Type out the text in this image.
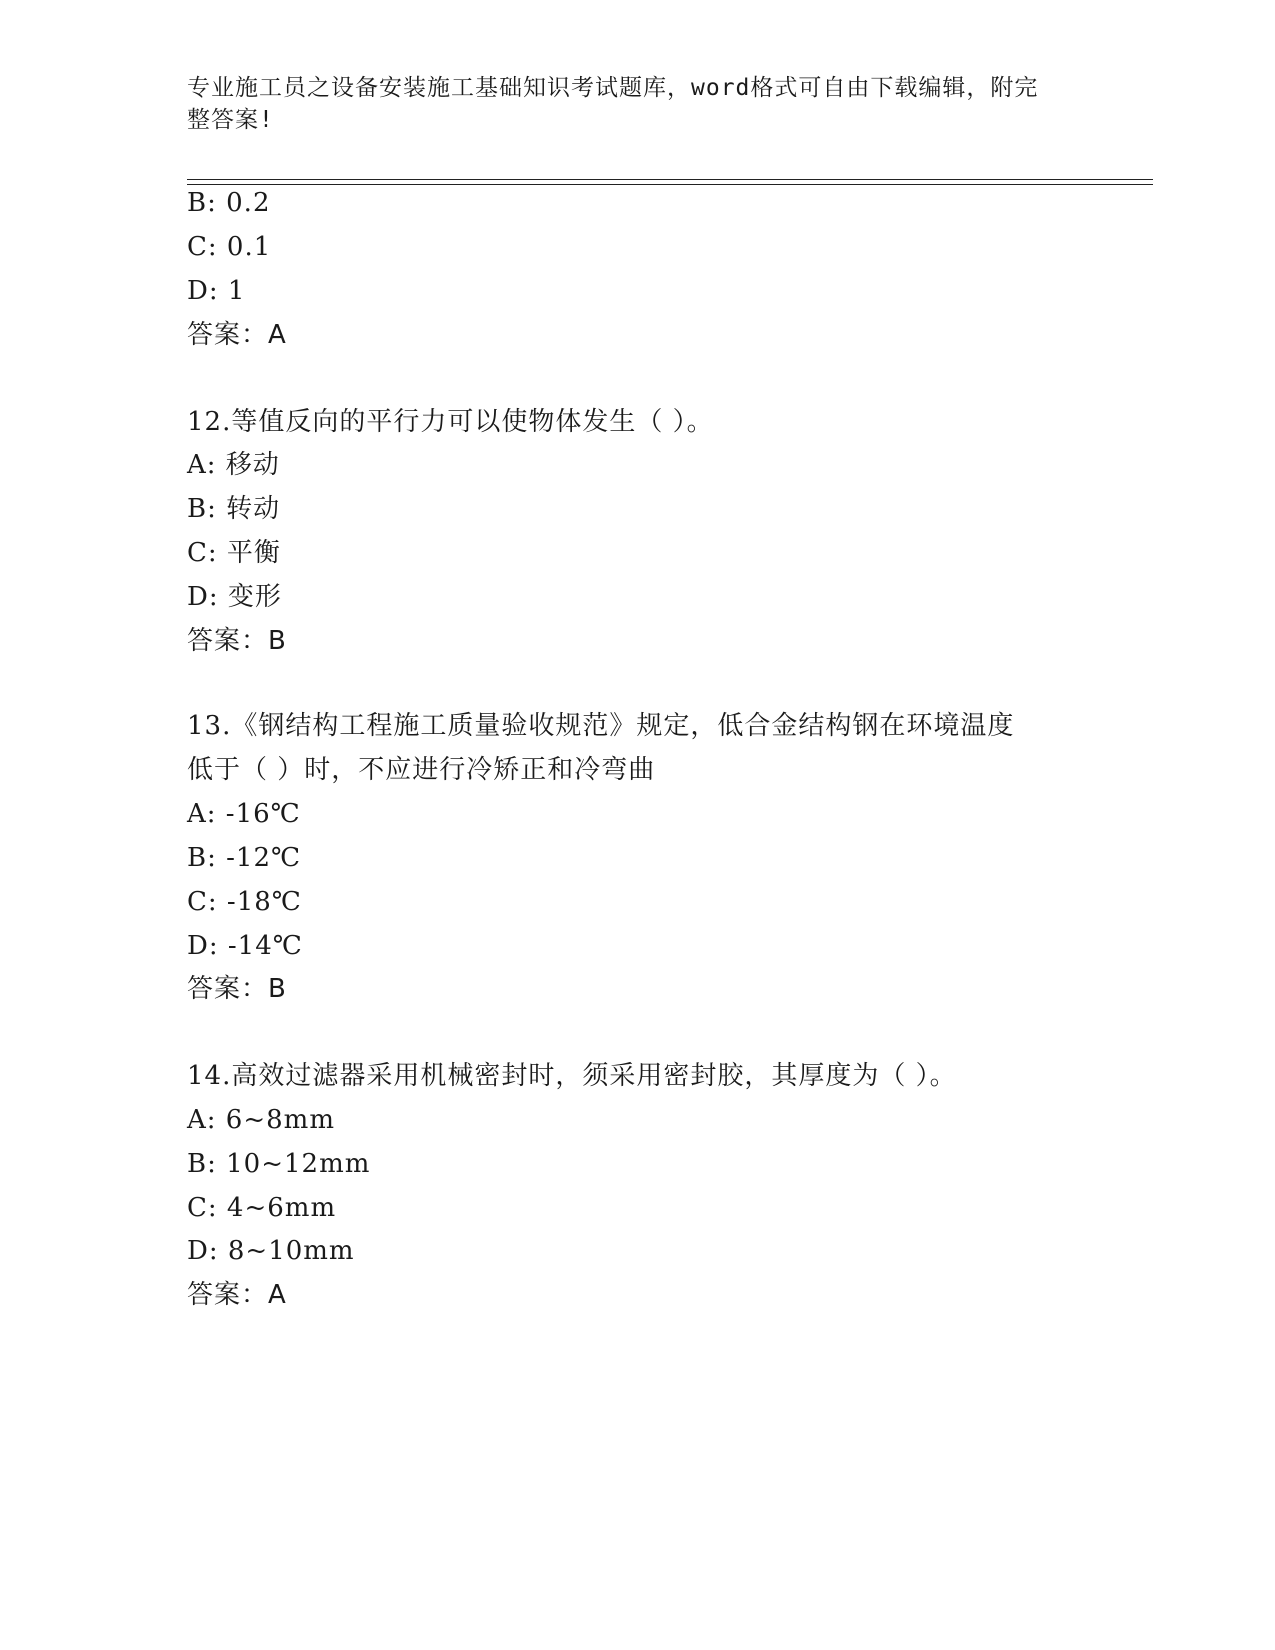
专业施工员之设备安装施工基础知识考试题库，word格式可自由下载编辑，附完
整答案!
B: 0.2
C: 0.1
D: 1
答案：A
12.等值反向的平行力可以使物体发生（ ）。
A: 移动
B: 转动
C: 平衡
D: 变形
答案：B
13.《钢结构工程施工质量验收规范》规定，低合金结构钢在环境温度
低于（ ）时，不应进行冷矫正和冷弯曲
A: -16℃
B: -12℃
C: -18℃
D: -14℃
答案：B
14.高效过滤器采用机械密封时，须采用密封胶，其厚度为（ ）。
A: 6~8mm
B: 10~12mm
C: 4~6mm
D: 8~10mm
答案：A
